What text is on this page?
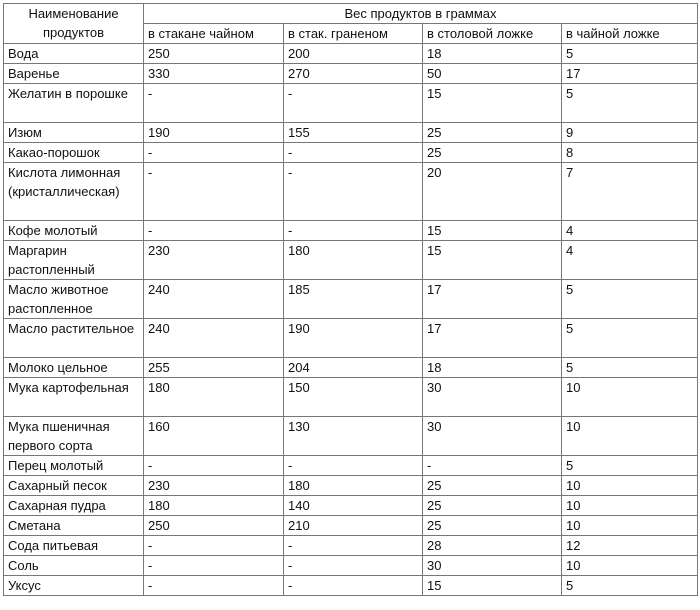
Наименование продуктов	Вес продуктов в граммах			
	в стакане чайном	в стак. граненом	в столовой ложке	в чайной ложке
Вода	250	200	18	5
Варенье	330	270	50	17
Желатин в порошке	-	-	15	5
Изюм	190	155	25	9
Какао-порошок	-	-	25	8
Кислота лимонная (кристаллическая)	-	-	20	7
Кофе молотый	-	-	15	4
Маргарин растопленный	230	180	15	4
Масло животное растопленное	240	185	17	5
Масло растительное	240	190	17	5
Молоко цельное	255	204	18	5
Мука картофельная	180	150	30	10
Мука пшеничная первого сорта	160	130	30	10
Перец молотый	-	-	-	5
Сахарный песок	230	180	25	10
Сахарная пудра	180	140	25	10
Сметана	250	210	25	10
Сода питьевая	-	-	28	12
Соль	-	-	30	10
Уксус	-	-	15	5
